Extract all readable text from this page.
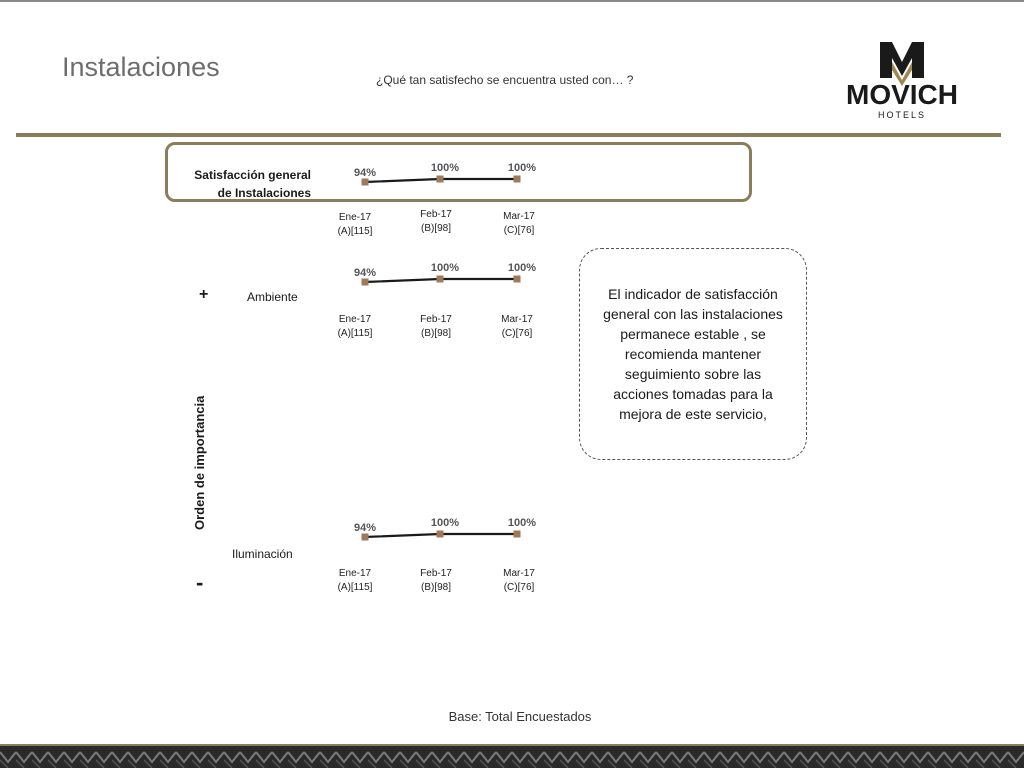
Instalaciones	¿Qué tan satisfecho se encuentra usted con… ?	MOVICH
HOTELS
Satisfacción general
de Instalaciones
Ambiente
Iluminación
Orden de importancia
+
-
94%	100%	100%
94%	100%	100%
94%	100%	100%
Ene-17
(A)[115]
Feb-17
(B)[98]
Mar-17
(C)[76]
Ene-17
(A)[115]
Feb-17
(B)[98]
Mar-17
(C)[76]
Ene-17
(A)[115]
Feb-17
(B)[98]
Mar-17
(C)[76]
El indicador de satisfacción general con las instalaciones permanece estable , se recomienda mantener seguimiento sobre las acciones tomadas para la mejora de este servicio,
Base: Total Encuestados
